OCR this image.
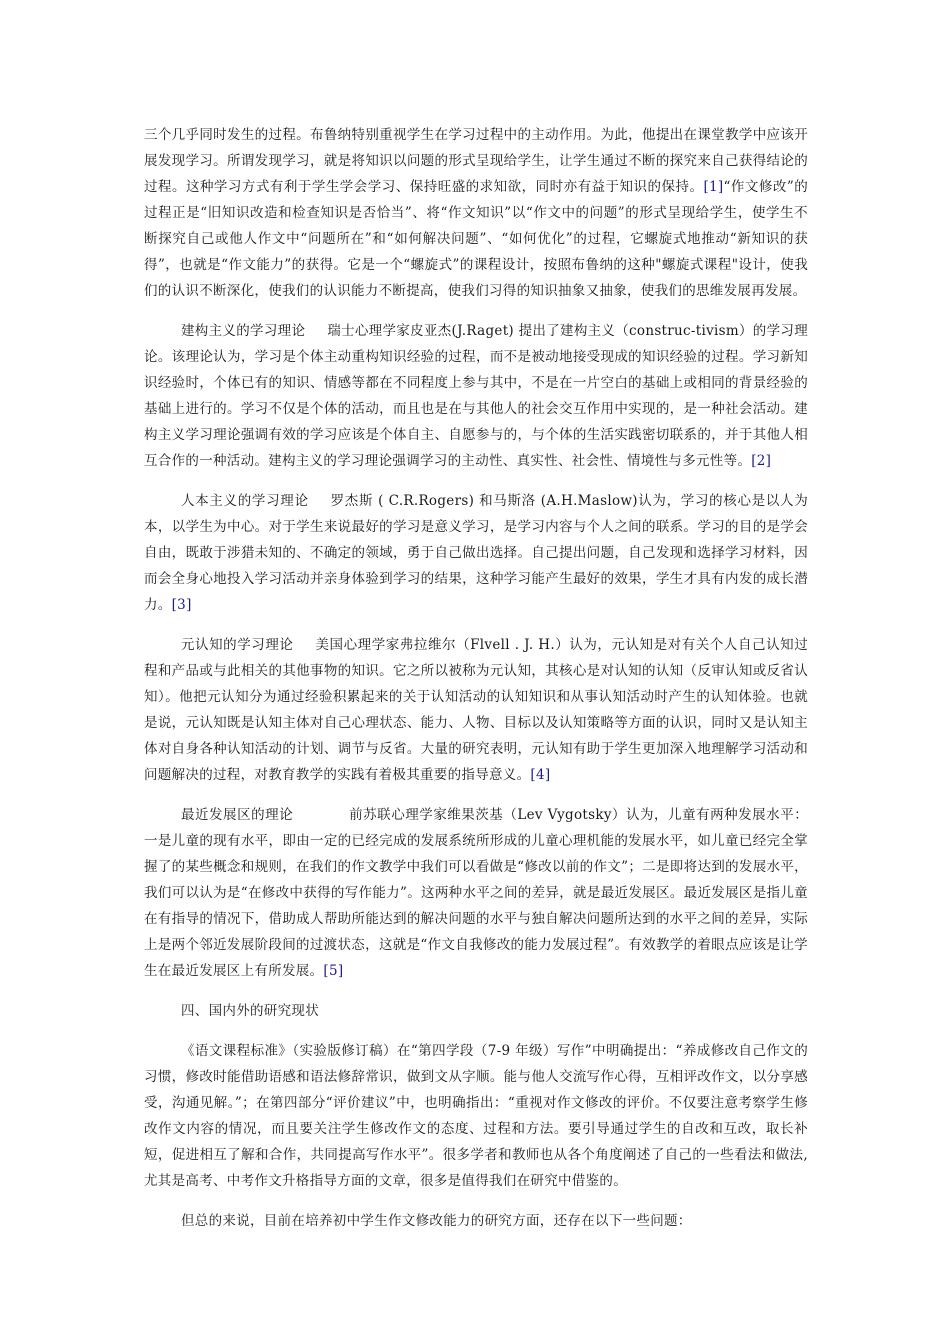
三个几乎同时发生的过程。布鲁纳特别重视学生在学习过程中的主动作用。为此，他提出在课堂教学中应该开展发现学习。所谓发现学习，就是将知识以问题的形式呈现给学生，让学生通过不断的探究来自己获得结论的过程。这种学习方式有利于学生学会学习、保持旺盛的求知欲，同时亦有益于知识的保持。[1]“作文修改”的过程正是“旧知识改造和检查知识是否恰当”、将“作文知识”以“作文中的问题”的形式呈现给学生，使学生不断探究自己或他人作文中“问题所在”和“如何解决问题”、“如何优化”的过程，它螺旋式地推动“新知识的获得”，也就是“作文能力”的获得。它是一个“螺旋式”的课程设计，按照布鲁纳的这种"螺旋式课程"设计，使我们的认识不断深化，使我们的认识能力不断提高，使我们习得的知识抽象又抽象，使我们的思维发展再发展。

建构主义的学习理论 瑞士心理学家皮亚杰(J.Raget) 提出了建构主义（construc-tivism）的学习理论。该理论认为，学习是个体主动重构知识经验的过程，而不是被动地接受现成的知识经验的过程。学习新知识经验时，个体已有的知识、情感等都在不同程度上参与其中，不是在一片空白的基础上或相同的背景经验的基础上进行的。学习不仅是个体的活动，而且也是在与其他人的社会交互作用中实现的，是一种社会活动。建构主义学习理论强调有效的学习应该是个体自主、自愿参与的，与个体的生活实践密切联系的，并于其他人相互合作的一种活动。建构主义的学习理论强调学习的主动性、真实性、社会性、情境性与多元性等。[2]

人本主义的学习理论 罗杰斯 ( C.R.Rogers) 和马斯洛 (A.H.Maslow)认为，学习的核心是以人为本，以学生为中心。对于学生来说最好的学习是意义学习，是学习内容与个人之间的联系。学习的目的是学会自由，既敢于涉猎未知的、不确定的领域，勇于自己做出选择。自己提出问题，自己发现和选择学习材料，因而会全身心地投入学习活动并亲身体验到学习的结果，这种学习能产生最好的效果，学生才具有内发的成长潜力。[3]

元认知的学习理论 美国心理学家弗拉维尔（Flvell . J. H.）认为，元认知是对有关个人自己认知过程和产品或与此相关的其他事物的知识。它之所以被称为元认知，其核心是对认知的认知（反审认知或反省认知）。他把元认知分为通过经验积累起来的关于认知活动的认知知识和从事认知活动时产生的认知体验。也就是说，元认知既是认知主体对自己心理状态、能力、人物、目标以及认知策略等方面的认识，同时又是认知主体对自身各种认知活动的计划、调节与反省。大量的研究表明，元认知有助于学生更加深入地理解学习活动和问题解决的过程，对教育教学的实践有着极其重要的指导意义。[4]

最近发展区的理论	前苏联心理学家维果茨基（Lev Vygotsky）认为，儿童有两种发展水平：一是儿童的现有水平，即由一定的已经完成的发展系统所形成的儿童心理机能的发展水平，如儿童已经完全掌握了的某些概念和规则，在我们的作文教学中我们可以看做是“修改以前的作文”；二是即将达到的发展水平，我们可以认为是“在修改中获得的写作能力”。这两种水平之间的差异，就是最近发展区。最近发展区是指儿童在有指导的情况下，借助成人帮助所能达到的解决问题的水平与独自解决问题所达到的水平之间的差异，实际上是两个邻近发展阶段间的过渡状态，这就是“作文自我修改的能力发展过程”。有效教学的着眼点应该是让学生在最近发展区上有所发展。[5]

四、国内外的研究现状

《语文课程标准》（实验版修订稿）在“第四学段（7-9 年级）写作”中明确提出：“养成修改自己作文的习惯，修改时能借助语感和语法修辞常识，做到文从字顺。能与他人交流写作心得，互相评改作文，以分享感受，沟通见解。”；在第四部分“评价建议”中，也明确指出：“重视对作文修改的评价。不仅要注意考察学生修改作文内容的情况，而且要关注学生修改作文的态度、过程和方法。要引导通过学生的自改和互改，取长补短，促进相互了解和合作，共同提高写作水平”。很多学者和教师也从各个角度阐述了自己的一些看法和做法,尤其是高考、中考作文升格指导方面的文章，很多是值得我们在研究中借鉴的。

但总的来说，目前在培养初中学生作文修改能力的研究方面，还存在以下一些问题：
